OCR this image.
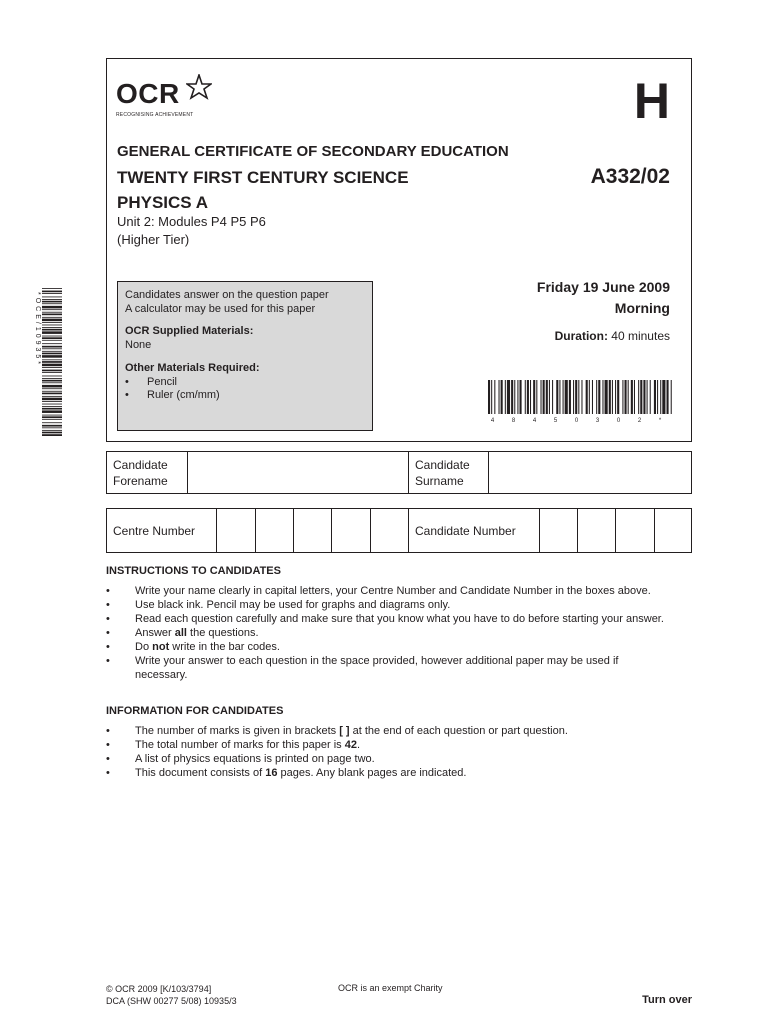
OCR
RECOGNISING ACHIEVEMENT	H
GENERAL CERTIFICATE OF SECONDARY EDUCATION
TWENTY FIRST CENTURY SCIENCE	A332/02
PHYSICS A
Unit 2: Modules P4 P5 P6
(Higher Tier)
Candidates answer on the question paper
A calculator may be used for this paper
OCR Supplied Materials:
None
Other Materials Required:
• Pencil
• Ruler (cm/mm)
Friday 19 June 2009
Morning
Duration: 40 minutes
4 8 4 5 0 3 0 2 *
*OCE/10935*
Candidate
Forename
Candidate
Surname
Centre Number	Candidate Number
INSTRUCTIONS TO CANDIDATES
• Write your name clearly in capital letters, your Centre Number and Candidate Number in the boxes above.
• Use black ink. Pencil may be used for graphs and diagrams only.
• Read each question carefully and make sure that you know what you have to do before starting your answer.
• Answer all the questions.
• Do not write in the bar codes.
• Write your answer to each question in the space provided, however additional paper may be used if
necessary.
INFORMATION FOR CANDIDATES
• The number of marks is given in brackets [ ] at the end of each question or part question.
• The total number of marks for this paper is 42.
• A list of physics equations is printed on page two.
• This document consists of 16 pages. Any blank pages are indicated.
© OCR 2009 [K/103/3794]
DCA (SHW 00277 5/08) 10935/3
OCR is an exempt Charity
Turn over
